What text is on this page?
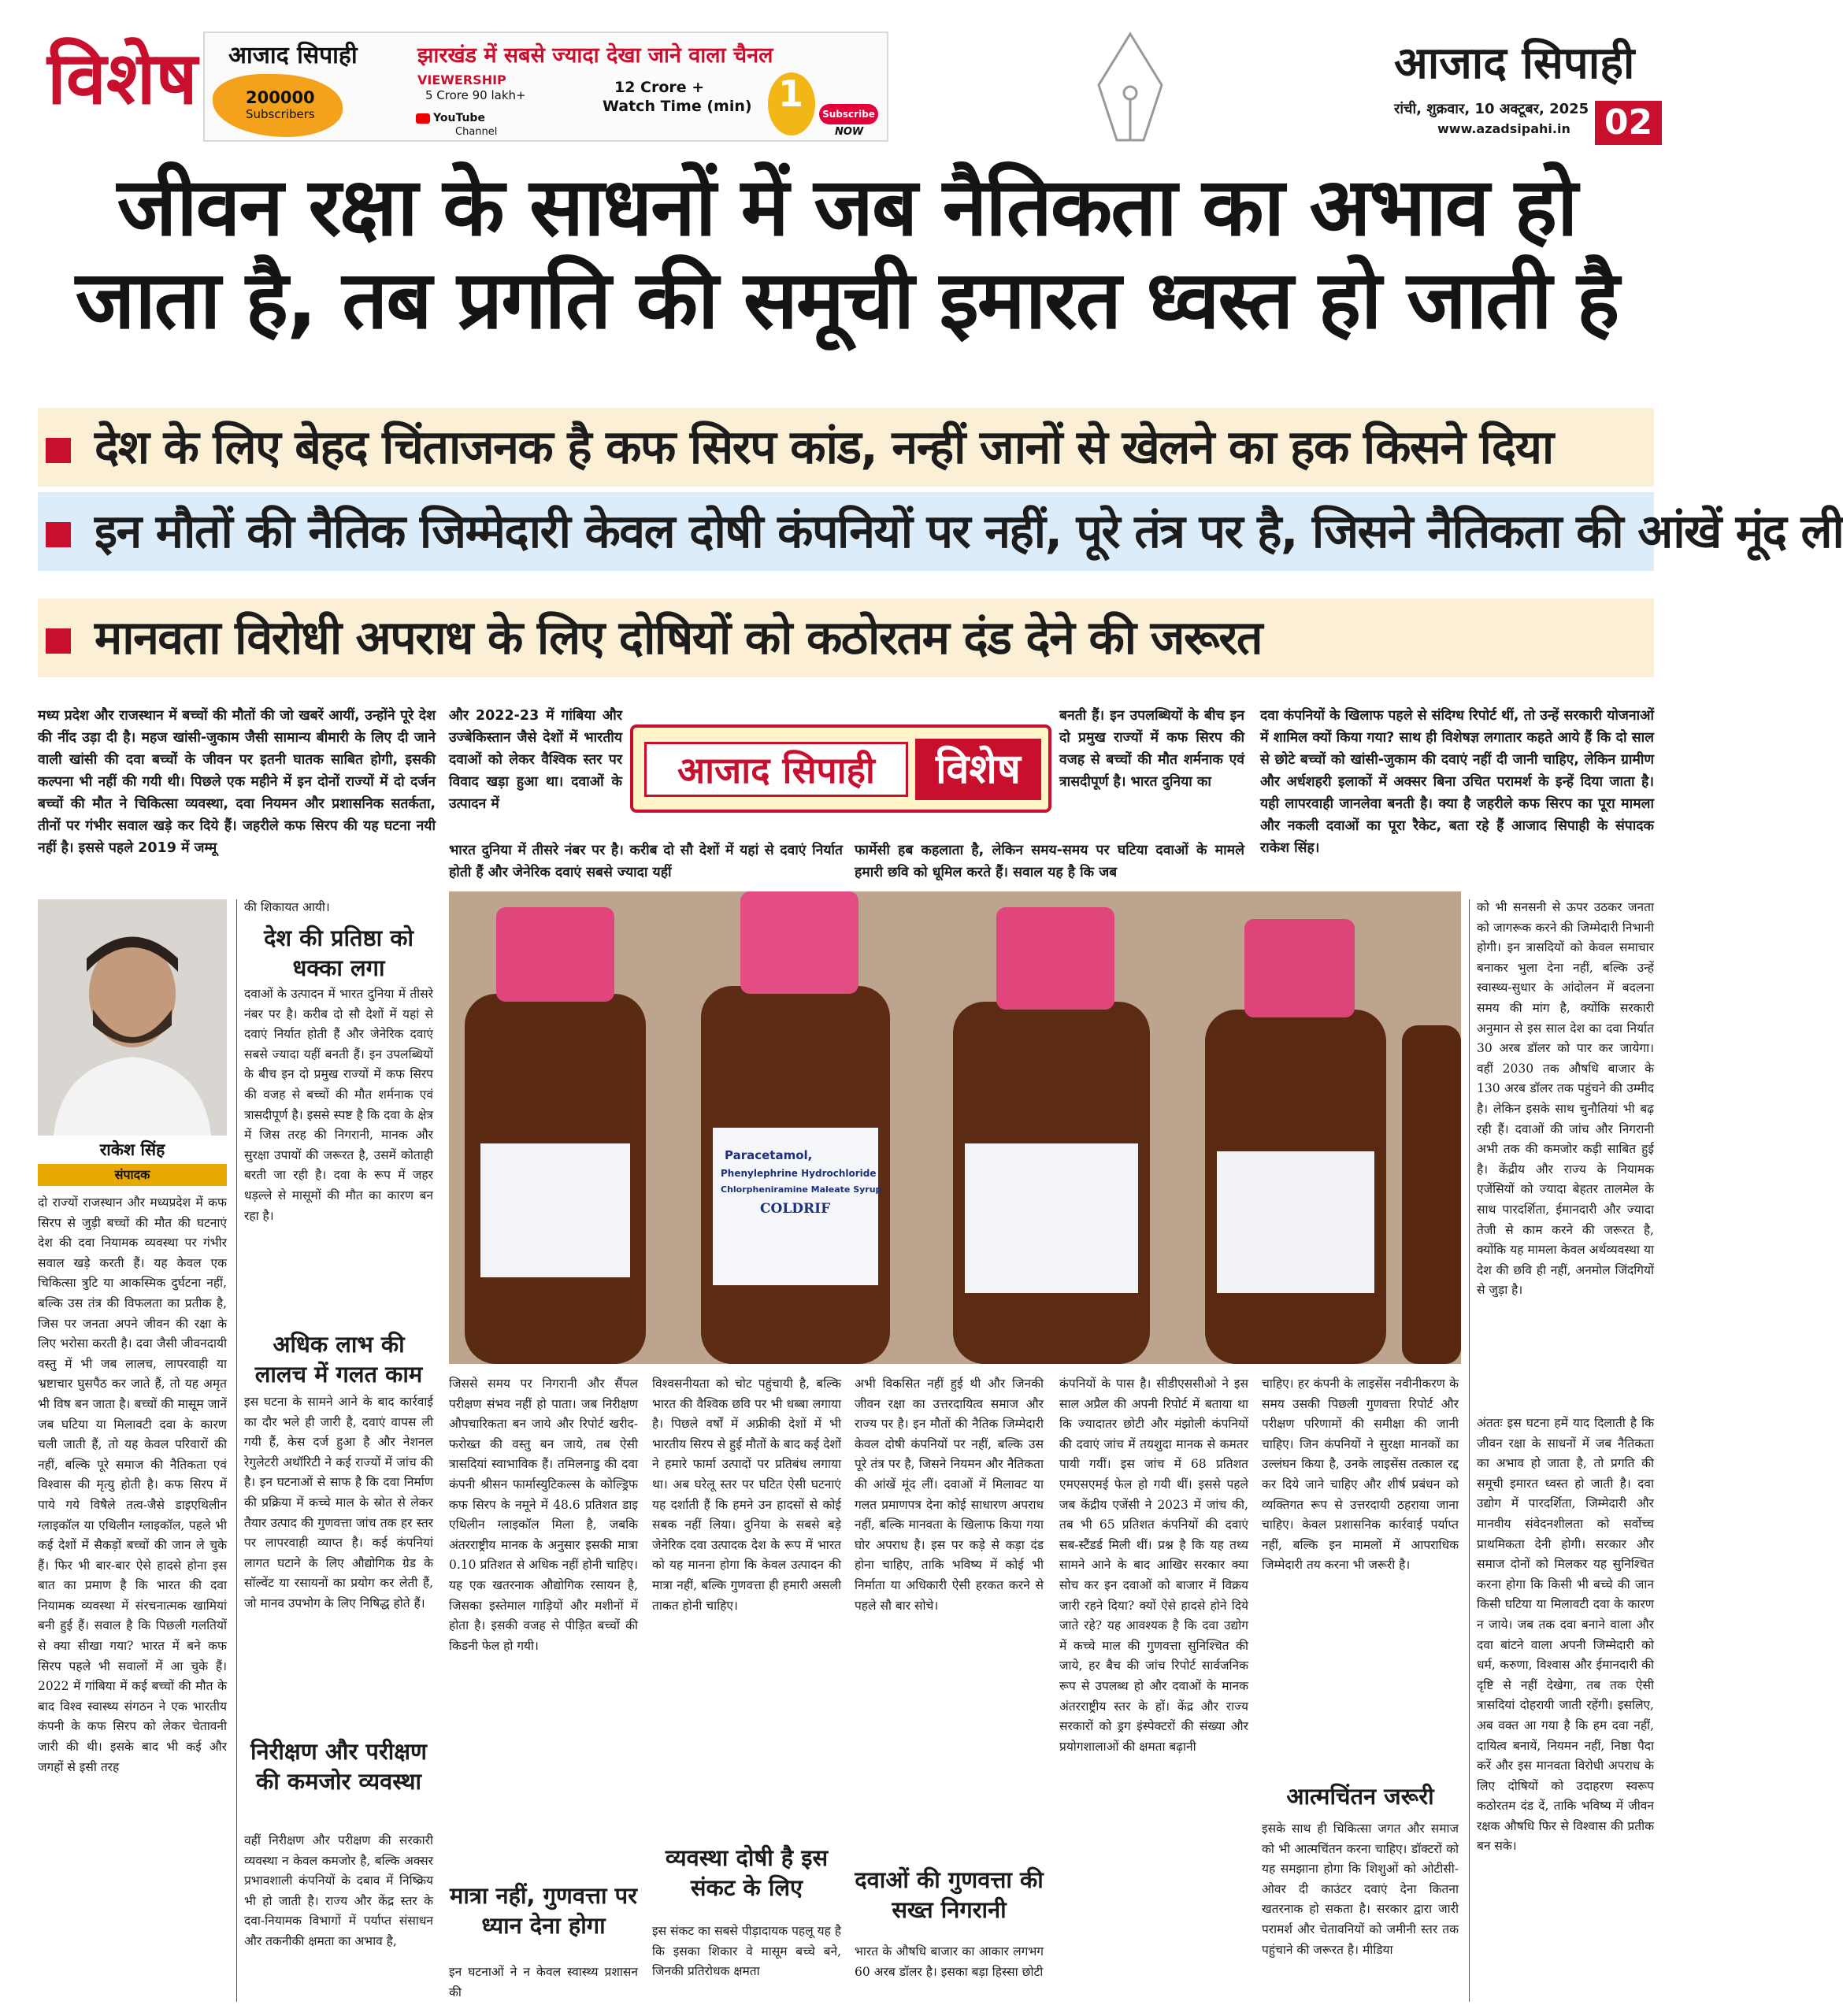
विशेष आजाद सिपाही	झारखंड में सबसे ज्यादा देखा जाने वाला चैनल
200000
Subscribers
VIEWERSHIP
5 Crore 90 lakh+
YouTube
Channel
12 Crore +
Watch Time (min) 1	Subscribe
NOW
आजाद सिपाही
रांची, शुक्रवार, 10 अक्टूबर, 2025
www.azadsipahi.in 02
जीवन रक्षा के साधनों में जब नैतिकता का अभाव हो
जाता है, तब प्रगति की समूची इमारत ध्वस्त हो जाती है
देश के लिए बेहद चिंताजनक है कफ सिरप कांड, नन्हीं जानों से खेलने का हक किसने दिया
इन मौतों की नैतिक जिम्मेदारी केवल दोषी कंपनियों पर नहीं, पूरे तंत्र पर है, जिसने नैतिकता की आंखें मूंद ली
मानवता विरोधी अपराध के लिए दोषियों को कठोरतम दंड देने की जरूरत
मध्य प्रदेश और राजस्थान में बच्चों की मौतों की जो खबरें आयीं, उन्होंने पूरे देश की नींद उड़ा दी है। महज खांसी-जुकाम जैसी सामान्य बीमारी के लिए दी जाने वाली खांसी की दवा बच्चों के जीवन पर इतनी घातक साबित होगी, इसकी कल्पना भी नहीं की गयी थी। पिछले एक महीने में इन दोनों राज्यों में दो दर्जन बच्चों की मौत ने चिकित्सा व्यवस्था, दवा नियमन और प्रशासनिक सतर्कता, तीनों पर गंभीर सवाल खड़े कर दिये हैं। जहरीले कफ सिरप की यह घटना नयी नहीं है। इससे पहले 2019 में जम्मू
और 2022-23 में गांबिया और उज्बेकिस्तान जैसे देशों में भारतीय दवाओं को लेकर वैश्विक स्तर पर विवाद खड़ा हुआ था। दवाओं के उत्पादन में
भारत दुनिया में तीसरे नंबर पर है। करीब दो सौ देशों में यहां से दवाएं निर्यात होती हैं और जेनेरिक दवाएं सबसे ज्यादा यहीं
बनती हैं। इन उपलब्धियों के बीच इन दो प्रमुख राज्यों में कफ सिरप की वजह से बच्चों की मौत शर्मनाक एवं त्रासदीपूर्ण है। भारत दुनिया का
फार्मेसी हब कहलाता है, लेकिन समय-समय पर घटिया दवाओं के मामले हमारी छवि को धूमिल करते हैं। सवाल यह है कि जब
दवा कंपनियों के खिलाफ पहले से संदिग्ध रिपोर्ट थीं, तो उन्हें सरकारी योजनाओं में शामिल क्यों किया गया? साथ ही विशेषज्ञ लगातार कहते आये हैं कि दो साल से छोटे बच्चों को खांसी-जुकाम की दवाएं नहीं दी जानी चाहिए, लेकिन ग्रामीण और अर्धशहरी इलाकों में अक्सर बिना उचित परामर्श के इन्हें दिया जाता है। यही लापरवाही जानलेवा बनती है। क्या है जहरीले कफ सिरप का पूरा मामला और नकली दवाओं का पूरा रैकेट, बता रहे हैं आजाद सिपाही के संपादक राकेश सिंह।
आजाद सिपाही	विशेष
राकेश सिंह
संपादक
Paracetamol,
Phenylephrine Hydrochloride
Chlorpheniramine Maleate Syrup
COLDRIF
दो राज्यों राजस्थान और मध्यप्रदेश में कफ सिरप से जुड़ी बच्चों की मौत की घटनाएं देश की दवा नियामक व्यवस्था पर गंभीर सवाल खड़े करती हैं। यह केवल एक चिकित्सा त्रुटि या आकस्मिक दुर्घटना नहीं, बल्कि उस तंत्र की विफलता का प्रतीक है, जिस पर जनता अपने जीवन की रक्षा के लिए भरोसा करती है। दवा जैसी जीवनदायी वस्तु में भी जब लालच, लापरवाही या भ्रष्टाचार घुसपैठ कर जाते हैं, तो यह अमृत भी विष बन जाता है। बच्चों की मासूम जानें जब घटिया या मिलावटी दवा के कारण चली जाती हैं, तो यह केवल परिवारों की नहीं, बल्कि पूरे समाज की नैतिकता एवं विश्वास की मृत्यु होती है। कफ सिरप में पाये गये विषैले तत्व-जैसे डाइएथिलीन ग्लाइकॉल या एथिलीन ग्लाइकॉल, पहले भी कई देशों में सैकड़ों बच्चों की जान ले चुके हैं। फिर भी बार-बार ऐसे हादसे होना इस बात का प्रमाण है कि भारत की दवा नियामक व्यवस्था में संरचनात्मक खामियां बनी हुई हैं। सवाल है कि पिछली गलतियों से क्या सीखा गया? भारत में बने कफ सिरप पहले भी सवालों में आ चुके हैं। 2022 में गांबिया में कई बच्चों की मौत के बाद विश्व स्वास्थ्य संगठन ने एक भारतीय कंपनी के कफ सिरप को लेकर चेतावनी जारी की थी। इसके बाद भी कई और जगहों से इसी तरह
की शिकायत आयी।
देश की प्रतिष्ठा को धक्का लगा
दवाओं के उत्पादन में भारत दुनिया में तीसरे नंबर पर है। करीब दो सौ देशों में यहां से दवाएं निर्यात होती हैं और जेनेरिक दवाएं सबसे ज्यादा यहीं बनती हैं। इन उपलब्धियों के बीच इन दो प्रमुख राज्यों में कफ सिरप की वजह से बच्चों की मौत शर्मनाक एवं त्रासदीपूर्ण है। इससे स्पष्ट है कि दवा के क्षेत्र में जिस तरह की निगरानी, मानक और सुरक्षा उपायों की जरूरत है, उसमें कोताही बरती जा रही है। दवा के रूप में जहर धड़ल्ले से मासूमों की मौत का कारण बन रहा है।
अधिक लाभ की लालच में गलत काम
इस घटना के सामने आने के बाद कार्रवाई का दौर भले ही जारी है, दवाएं वापस ली गयी हैं, केस दर्ज हुआ है और नेशनल रेगुलेटरी अथॉरिटी ने कई राज्यों में जांच की है। इन घटनाओं से साफ है कि दवा निर्माण की प्रक्रिया में कच्चे माल के स्रोत से लेकर तैयार उत्पाद की गुणवत्ता जांच तक हर स्तर पर लापरवाही व्याप्त है। कई कंपनियां लागत घटाने के लिए औद्योगिक ग्रेड के सॉल्वेंट या रसायनों का प्रयोग कर लेती हैं, जो मानव उपभोग के लिए निषिद्ध होते हैं।
निरीक्षण और परीक्षण की कमजोर व्यवस्था
वहीं निरीक्षण और परीक्षण की सरकारी व्यवस्था न केवल कमजोर है, बल्कि अक्सर प्रभावशाली कंपनियों के दबाव में निष्क्रिय भी हो जाती है। राज्य और केंद्र स्तर के दवा-नियामक विभागों में पर्याप्त संसाधन और तकनीकी क्षमता का अभाव है,
जिससे समय पर निगरानी और सैंपल परीक्षण संभव नहीं हो पाता। जब निरीक्षण औपचारिकता बन जाये और रिपोर्ट खरीद-फरोख्त की वस्तु बन जाये, तब ऐसी त्रासदियां स्वाभाविक हैं। तमिलनाडु की दवा कंपनी श्रीसन फार्मास्युटिकल्स के कोल्ड्रिफ कफ सिरप के नमूने में 48.6 प्रतिशत डाइ एथिलीन ग्लाइकॉल मिला है, जबकि अंतरराष्ट्रीय मानक के अनुसार इसकी मात्रा 0.10 प्रतिशत से अधिक नहीं होनी चाहिए। यह एक खतरनाक औद्योगिक रसायन है, जिसका इस्तेमाल गाड़ियों और मशीनों में होता है। इसकी वजह से पीड़ित बच्चों की किडनी फेल हो गयी।
मात्रा नहीं, गुणवत्ता पर ध्यान देना होगा
इन घटनाओं ने न केवल स्वास्थ्य प्रशासन की
विश्वसनीयता को चोट पहुंचायी है, बल्कि भारत की वैश्विक छवि पर भी धब्बा लगाया है। पिछले वर्षों में अफ्रीकी देशों में भी भारतीय सिरप से हुई मौतों के बाद कई देशों ने हमारे फार्मा उत्पादों पर प्रतिबंध लगाया था। अब घरेलू स्तर पर घटित ऐसी घटनाएं यह दर्शाती हैं कि हमने उन हादसों से कोई सबक नहीं लिया। दुनिया के सबसे बड़े जेनेरिक दवा उत्पादक देश के रूप में भारत को यह मानना होगा कि केवल उत्पादन की मात्रा नहीं, बल्कि गुणवत्ता ही हमारी असली ताकत होनी चाहिए।
व्यवस्था दोषी है इस संकट के लिए
इस संकट का सबसे पीड़ादायक पहलू यह है कि इसका शिकार वे मासूम बच्चे बने, जिनकी प्रतिरोधक क्षमता
अभी विकसित नहीं हुई थी और जिनकी जीवन रक्षा का उत्तरदायित्व समाज और राज्य पर है। इन मौतों की नैतिक जिम्मेदारी केवल दोषी कंपनियों पर नहीं, बल्कि उस पूरे तंत्र पर है, जिसने नियमन और नैतिकता की आंखें मूंद लीं। दवाओं में मिलावट या गलत प्रमाणपत्र देना कोई साधारण अपराध नहीं, बल्कि मानवता के खिलाफ किया गया घोर अपराध है। इस पर कड़े से कड़ा दंड होना चाहिए, ताकि भविष्य में कोई भी निर्माता या अधिकारी ऐसी हरकत करने से पहले सौ बार सोचे।
दवाओं की गुणवत्ता की सख्त निगरानी
भारत के औषधि बाजार का आकार लगभग 60 अरब डॉलर है। इसका बड़ा हिस्सा छोटी
कंपनियों के पास है। सीडीएससीओ ने इस साल अप्रैल की अपनी रिपोर्ट में बताया था कि ज्यादातर छोटी और मंझोली कंपनियों की दवाएं जांच में तयशुदा मानक से कमतर पायी गयीं। इस जांच में 68 प्रतिशत एमएसएमई फेल हो गयी थीं। इससे पहले जब केंद्रीय एजेंसी ने 2023 में जांच की, तब भी 65 प्रतिशत कंपनियों की दवाएं सब-स्टैंडर्ड मिली थीं। प्रश्न है कि यह तथ्य सामने आने के बाद आखिर सरकार क्या सोच कर इन दवाओं को बाजार में विक्रय जारी रहने दिया? क्यों ऐसे हादसे होने दिये जाते रहे? यह आवश्यक है कि दवा उद्योग में कच्चे माल की गुणवत्ता सुनिश्चित की जाये, हर बैच की जांच रिपोर्ट सार्वजनिक रूप से उपलब्ध हो और दवाओं के मानक अंतरराष्ट्रीय स्तर के हों। केंद्र और राज्य सरकारों को ड्रग इंस्पेक्टरों की संख्या और प्रयोगशालाओं की क्षमता बढ़ानी
चाहिए। हर कंपनी के लाइसेंस नवीनीकरण के समय उसकी पिछली गुणवत्ता रिपोर्ट और परीक्षण परिणामों की समीक्षा की जानी चाहिए। जिन कंपनियों ने सुरक्षा मानकों का उल्लंघन किया है, उनके लाइसेंस तत्काल रद्द कर दिये जाने चाहिए और शीर्ष प्रबंधन को व्यक्तिगत रूप से उत्तरदायी ठहराया जाना चाहिए। केवल प्रशासनिक कार्रवाई पर्याप्त नहीं, बल्कि इन मामलों में आपराधिक जिम्मेदारी तय करना भी जरूरी है।
आत्मचिंतन जरूरी
इसके साथ ही चिकित्सा जगत और समाज को भी आत्मचिंतन करना चाहिए। डॉक्टरों को यह समझाना होगा कि शिशुओं को ओटीसी-ओवर दी काउंटर दवाएं देना कितना खतरनाक हो सकता है। सरकार द्वारा जारी परामर्श और चेतावनियों को जमीनी स्तर तक पहुंचाने की जरूरत है। मीडिया
को भी सनसनी से ऊपर उठकर जनता को जागरूक करने की जिम्मेदारी निभानी होगी। इन त्रासदियों को केवल समाचार बनाकर भुला देना नहीं, बल्कि उन्हें स्वास्थ्य-सुधार के आंदोलन में बदलना समय की मांग है, क्योंकि सरकारी अनुमान से इस साल देश का दवा निर्यात 30 अरब डॉलर को पार कर जायेगा। वहीं 2030 तक औषधि बाजार के 130 अरब डॉलर तक पहुंचने की उम्मीद है। लेकिन इसके साथ चुनौतियां भी बढ़ रही हैं। दवाओं की जांच और निगरानी अभी तक की कमजोर कड़ी साबित हुई है। केंद्रीय और राज्य के नियामक एजेंसियों को ज्यादा बेहतर तालमेल के साथ पारदर्शिता, ईमानदारी और ज्यादा तेजी से काम करने की जरूरत है, क्योंकि यह मामला केवल अर्थव्यवस्था या देश की छवि ही नहीं, अनमोल जिंदगियों से जुड़ा है।
अंततः इस घटना हमें याद दिलाती है कि जीवन रक्षा के साधनों में जब नैतिकता का अभाव हो जाता है, तो प्रगति की समूची इमारत ध्वस्त हो जाती है। दवा उद्योग में पारदर्शिता, जिम्मेदारी और मानवीय संवेदनशीलता को सर्वोच्च प्राथमिकता देनी होगी। सरकार और समाज दोनों को मिलकर यह सुनिश्चित करना होगा कि किसी भी बच्चे की जान किसी घटिया या मिलावटी दवा के कारण न जाये। जब तक दवा बनाने वाला और दवा बांटने वाला अपनी जिम्मेदारी को धर्म, करुणा, विश्वास और ईमानदारी की दृष्टि से नहीं देखेगा, तब तक ऐसी त्रासदियां दोहरायी जाती रहेंगी। इसलिए, अब वक्त आ गया है कि हम दवा नहीं, दायित्व बनायें, नियमन नहीं, निष्ठा पैदा करें और इस मानवता विरोधी अपराध के लिए दोषियों को उदाहरण स्वरूप कठोरतम दंड दें, ताकि भविष्य में जीवन रक्षक औषधि फिर से विश्वास की प्रतीक बन सके।
